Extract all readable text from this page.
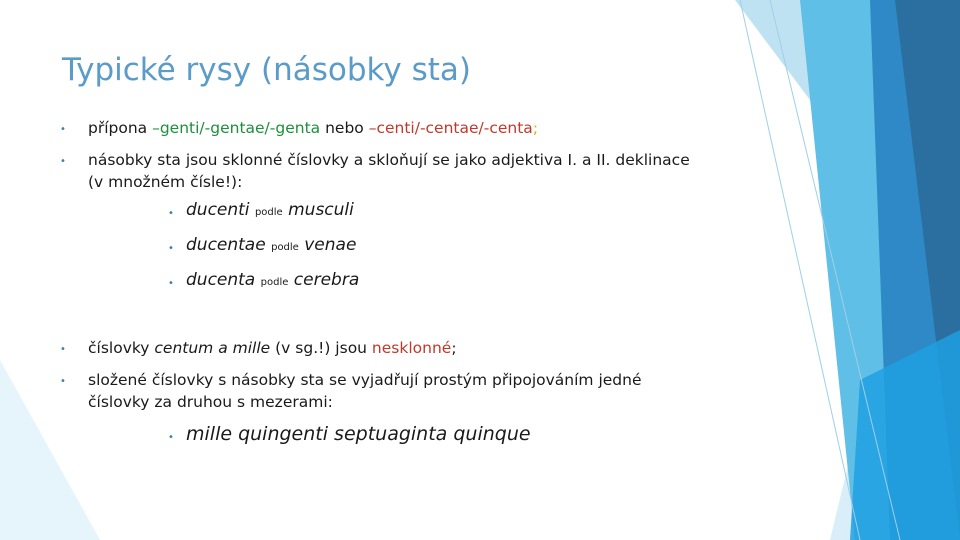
Typické rysy (násobky sta)
• přípona –genti/-gentae/-genta nebo –centi/-centae/-centa;
• násobky sta jsou sklonné číslovky a skloňují se jako adjektiva I. a II. deklinace
(v množném čísle!):
• ducenti podle musculi
• ducentae podle venae
• ducenta podle cerebra
• číslovky centum a mille (v sg.!) jsou nesklonné;
• složené číslovky s násobky sta se vyjadřují prostým připojováním jedné
číslovky za druhou s mezerami:
• mille quingenti septuaginta quinque
